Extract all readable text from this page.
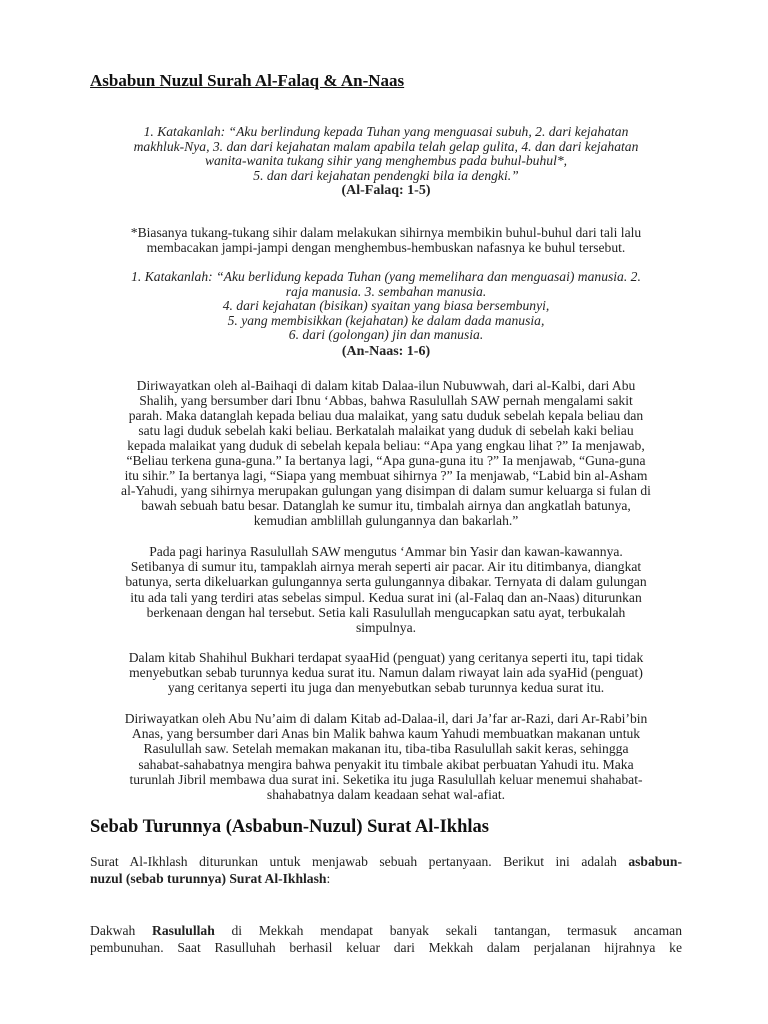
Asbabun Nuzul Surah Al-Falaq & An-Naas
1. Katakanlah: “Aku berlindung kepada Tuhan yang menguasai subuh, 2. dari kejahatan
makhluk-Nya, 3. dan dari kejahatan malam apabila telah gelap gulita, 4. dan dari kejahatan
wanita-wanita tukang sihir yang menghembus pada buhul-buhul*,
5. dan dari kejahatan pendengki bila ia dengki.”
(Al-Falaq: 1-5)
*Biasanya tukang-tukang sihir dalam melakukan sihirnya membikin buhul-buhul dari tali lalu
membacakan jampi-jampi dengan menghembus-hembuskan nafasnya ke buhul tersebut.
1. Katakanlah: “Aku berlidung kepada Tuhan (yang memelihara dan menguasai) manusia. 2.
raja manusia. 3. sembahan manusia.
4. dari kejahatan (bisikan) syaitan yang biasa bersembunyi,
5. yang membisikkan (kejahatan) ke dalam dada manusia,
6. dari (golongan) jin dan manusia.
(An-Naas: 1-6)
Diriwayatkan oleh al-Baihaqi di dalam kitab Dalaa-ilun Nubuwwah, dari al-Kalbi, dari Abu
Shalih, yang bersumber dari Ibnu ‘Abbas, bahwa Rasulullah SAW pernah mengalami sakit
parah. Maka datanglah kepada beliau dua malaikat, yang satu duduk sebelah kepala beliau dan
satu lagi duduk sebelah kaki beliau. Berkatalah malaikat yang duduk di sebelah kaki beliau
kepada malaikat yang duduk di sebelah kepala beliau: “Apa yang engkau lihat ?” Ia menjawab,
“Beliau terkena guna-guna.” Ia bertanya lagi, “Apa guna-guna itu ?” Ia menjawab, “Guna-guna
itu sihir.” Ia bertanya lagi, “Siapa yang membuat sihirnya ?” Ia menjawab, “Labid bin al-Asham
al-Yahudi, yang sihirnya merupakan gulungan yang disimpan di dalam sumur keluarga si fulan di
bawah sebuah batu besar. Datanglah ke sumur itu, timbalah airnya dan angkatlah batunya,
kemudian amblillah gulungannya dan bakarlah.”
Pada pagi harinya Rasulullah SAW mengutus ‘Ammar bin Yasir dan kawan-kawannya.
Setibanya di sumur itu, tampaklah airnya merah seperti air pacar. Air itu ditimbanya, diangkat
batunya, serta dikeluarkan gulungannya serta gulungannya dibakar. Ternyata di dalam gulungan
itu ada tali yang terdiri atas sebelas simpul. Kedua surat ini (al-Falaq dan an-Naas) diturunkan
berkenaan dengan hal tersebut. Setia kali Rasulullah mengucapkan satu ayat, terbukalah
simpulnya.
Dalam kitab Shahihul Bukhari terdapat syaaHid (penguat) yang ceritanya seperti itu, tapi tidak
menyebutkan sebab turunnya kedua surat itu. Namun dalam riwayat lain ada syaHid (penguat)
yang ceritanya seperti itu juga dan menyebutkan sebab turunnya kedua surat itu.
Diriwayatkan oleh Abu Nu’aim di dalam Kitab ad-Dalaa-il, dari Ja’far ar-Razi, dari Ar-Rabi’bin
Anas, yang bersumber dari Anas bin Malik bahwa kaum Yahudi membuatkan makanan untuk
Rasulullah saw. Setelah memakan makanan itu, tiba-tiba Rasulullah sakit keras, sehingga
sahabat-sahabatnya mengira bahwa penyakit itu timbale akibat perbuatan Yahudi itu. Maka
turunlah Jibril membawa dua surat ini. Seketika itu juga Rasulullah keluar menemui shahabat-
shahabatnya dalam keadaan sehat wal-afiat.
Sebab Turunnya (Asbabun-Nuzul) Surat Al-Ikhlas
Surat Al-Ikhlash diturunkan untuk menjawab sebuah pertanyaan. Berikut ini adalah asbabun-
nuzul (sebab turunnya) Surat Al-Ikhlash:
Dakwah Rasulullah di Mekkah mendapat banyak sekali tantangan, termasuk ancaman
pembunuhan. Saat Rasulluhah berhasil keluar dari Mekkah dalam perjalanan hijrahnya ke
